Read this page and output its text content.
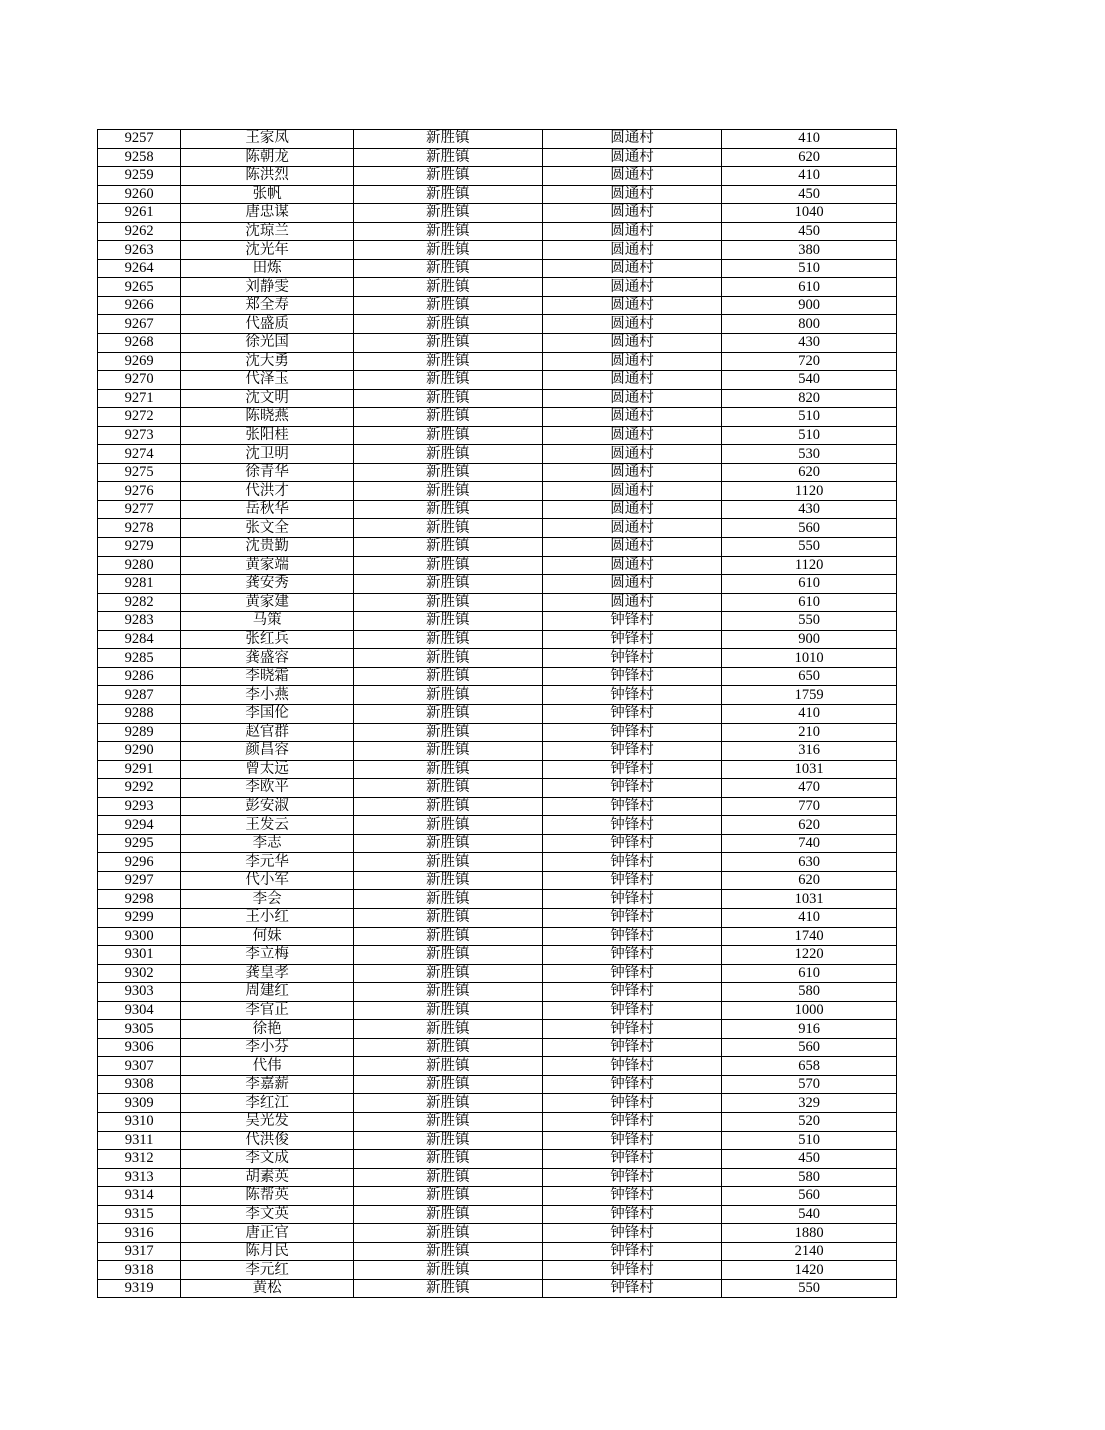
9257	王家凤	新胜镇	圆通村	410
9258	陈朝龙	新胜镇	圆通村	620
9259	陈洪烈	新胜镇	圆通村	410
9260	张帆	新胜镇	圆通村	450
9261	唐忠谋	新胜镇	圆通村	1040
9262	沈琼兰	新胜镇	圆通村	450
9263	沈光年	新胜镇	圆通村	380
9264	田炼	新胜镇	圆通村	510
9265	刘静雯	新胜镇	圆通村	610
9266	郑全寿	新胜镇	圆通村	900
9267	代盛质	新胜镇	圆通村	800
9268	徐光国	新胜镇	圆通村	430
9269	沈大勇	新胜镇	圆通村	720
9270	代泽玉	新胜镇	圆通村	540
9271	沈文明	新胜镇	圆通村	820
9272	陈晓燕	新胜镇	圆通村	510
9273	张阳桂	新胜镇	圆通村	510
9274	沈卫明	新胜镇	圆通村	530
9275	徐青华	新胜镇	圆通村	620
9276	代洪才	新胜镇	圆通村	1120
9277	岳秋华	新胜镇	圆通村	430
9278	张文全	新胜镇	圆通村	560
9279	沈贵勤	新胜镇	圆通村	550
9280	黄家端	新胜镇	圆通村	1120
9281	龚安秀	新胜镇	圆通村	610
9282	黄家建	新胜镇	圆通村	610
9283	马策	新胜镇	钟锋村	550
9284	张红兵	新胜镇	钟锋村	900
9285	龚盛容	新胜镇	钟锋村	1010
9286	李晓霜	新胜镇	钟锋村	650
9287	李小燕	新胜镇	钟锋村	1759
9288	李国伦	新胜镇	钟锋村	410
9289	赵官群	新胜镇	钟锋村	210
9290	颜昌容	新胜镇	钟锋村	316
9291	曾太远	新胜镇	钟锋村	1031
9292	李欧平	新胜镇	钟锋村	470
9293	彭安淑	新胜镇	钟锋村	770
9294	王发云	新胜镇	钟锋村	620
9295	李志	新胜镇	钟锋村	740
9296	李元华	新胜镇	钟锋村	630
9297	代小军	新胜镇	钟锋村	620
9298	李会	新胜镇	钟锋村	1031
9299	王小红	新胜镇	钟锋村	410
9300	何妹	新胜镇	钟锋村	1740
9301	李立梅	新胜镇	钟锋村	1220
9302	龚皇孝	新胜镇	钟锋村	610
9303	周建红	新胜镇	钟锋村	580
9304	李官正	新胜镇	钟锋村	1000
9305	徐艳	新胜镇	钟锋村	916
9306	李小芬	新胜镇	钟锋村	560
9307	代伟	新胜镇	钟锋村	658
9308	李嘉薪	新胜镇	钟锋村	570
9309	李红江	新胜镇	钟锋村	329
9310	吴光发	新胜镇	钟锋村	520
9311	代洪俊	新胜镇	钟锋村	510
9312	李文成	新胜镇	钟锋村	450
9313	胡素英	新胜镇	钟锋村	580
9314	陈帮英	新胜镇	钟锋村	560
9315	李文英	新胜镇	钟锋村	540
9316	唐正官	新胜镇	钟锋村	1880
9317	陈月民	新胜镇	钟锋村	2140
9318	李元红	新胜镇	钟锋村	1420
9319	黄松	新胜镇	钟锋村	550
